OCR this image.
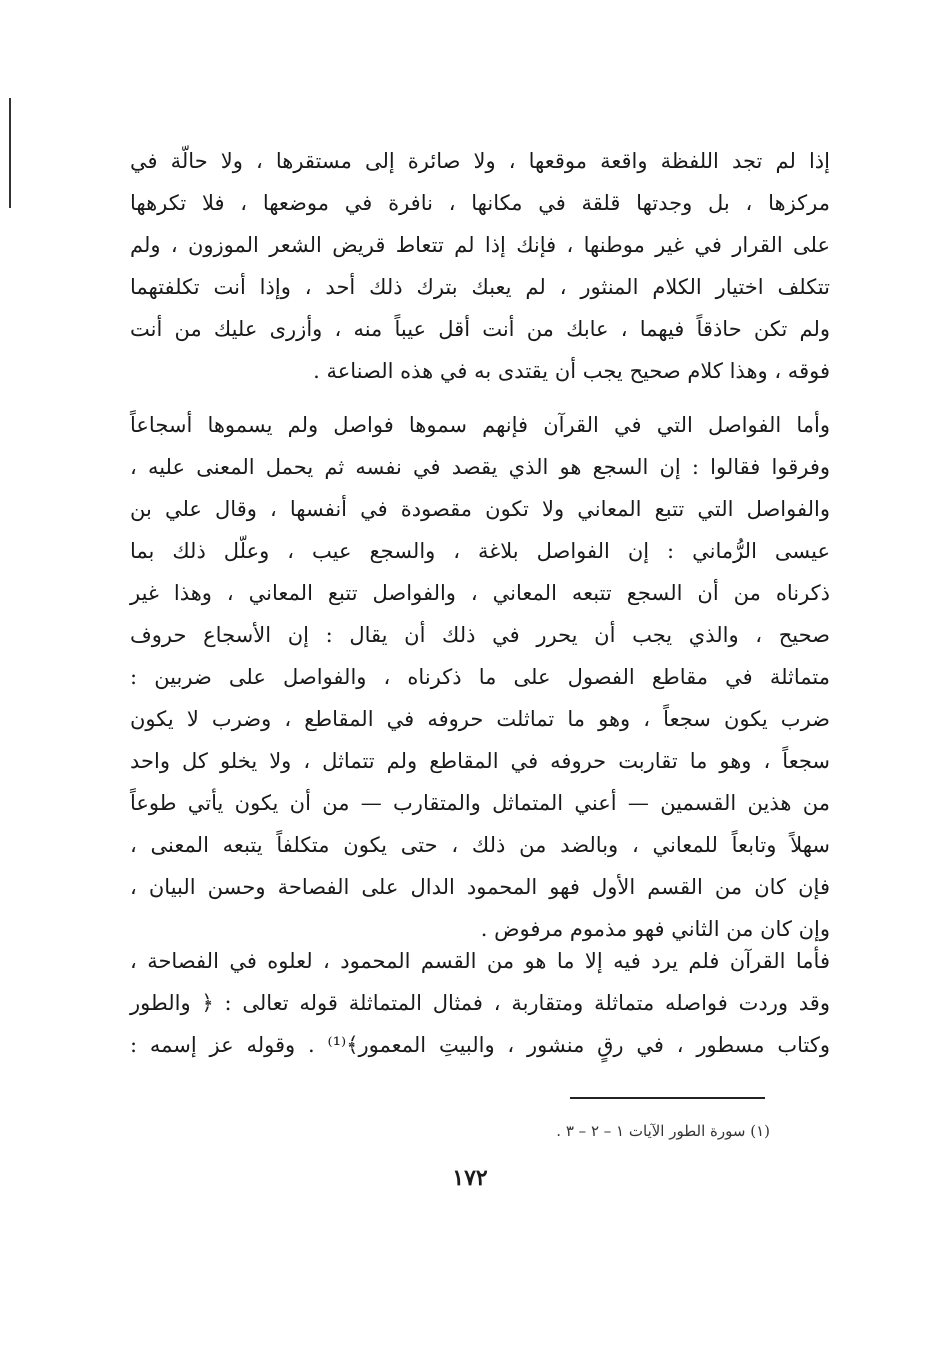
إذا لم تجد اللفظة واقعة موقعها ، ولا صائرة إلى مستقرها ، ولا حالّة في
مركزها ، بل وجدتها قلقة في مكانها ، نافرة في موضعها ، فلا تكرهها
على القرار في غير موطنها ، فإنك إذا لم تتعاط قريض الشعر الموزون ، ولم
تتكلف اختيار الكلام المنثور ، لم يعبك بترك ذلك أحد ، وإذا أنت تكلفتهما
ولم تكن حاذقاً فيهما ، عابك من أنت أقل عيباً منه ، وأزرى عليك من أنت
فوقه ، وهذا كلام صحيح يجب أن يقتدى به في هذه الصناعة .
وأما الفواصل التي في القرآن فإنهم سموها فواصل ولم يسموها أسجاعاً
وفرقوا فقالوا : إن السجع هو الذي يقصد في نفسه ثم يحمل المعنى عليه ،
والفواصل التي تتبع المعاني ولا تكون مقصودة في أنفسها ، وقال علي بن
عيسى الرُّماني : إن الفواصل بلاغة ، والسجع عيب ، وعلّل ذلك بما
ذكرناه من أن السجع تتبعه المعاني ، والفواصل تتبع المعاني ، وهذا غير
صحيح ، والذي يجب أن يحرر في ذلك أن يقال : إن الأسجاع حروف
متماثلة في مقاطع الفصول على ما ذكرناه ، والفواصل على ضربين :
ضرب يكون سجعاً ، وهو ما تماثلت حروفه في المقاطع ، وضرب لا يكون
سجعاً ، وهو ما تقاربت حروفه في المقاطع ولم تتماثل ، ولا يخلو كل واحد
من هذين القسمين — أعني المتماثل والمتقارب — من أن يكون يأتي طوعاً
سهلاً وتابعاً للمعاني ، وبالضد من ذلك ، حتى يكون متكلفاً يتبعه المعنى ،
فإن كان من القسم الأول فهو المحمود الدال على الفصاحة وحسن البيان ،
وإن كان من الثاني فهو مذموم مرفوض .
فأما القرآن فلم يرد فيه إلا ما هو من القسم المحمود ، لعلوه في الفصاحة ،
وقد وردت فواصله متماثلة ومتقاربة ، فمثال المتماثلة قوله تعالى : ﴿ والطور
وكتاب مسطور ، في رقٍ منشور ، والبيتِ المعمور﴾⁽¹⁾ . وقوله عز إسمه :
(١) سورة الطور الآيات ١ – ٢ – ٣ .
١٧٢
